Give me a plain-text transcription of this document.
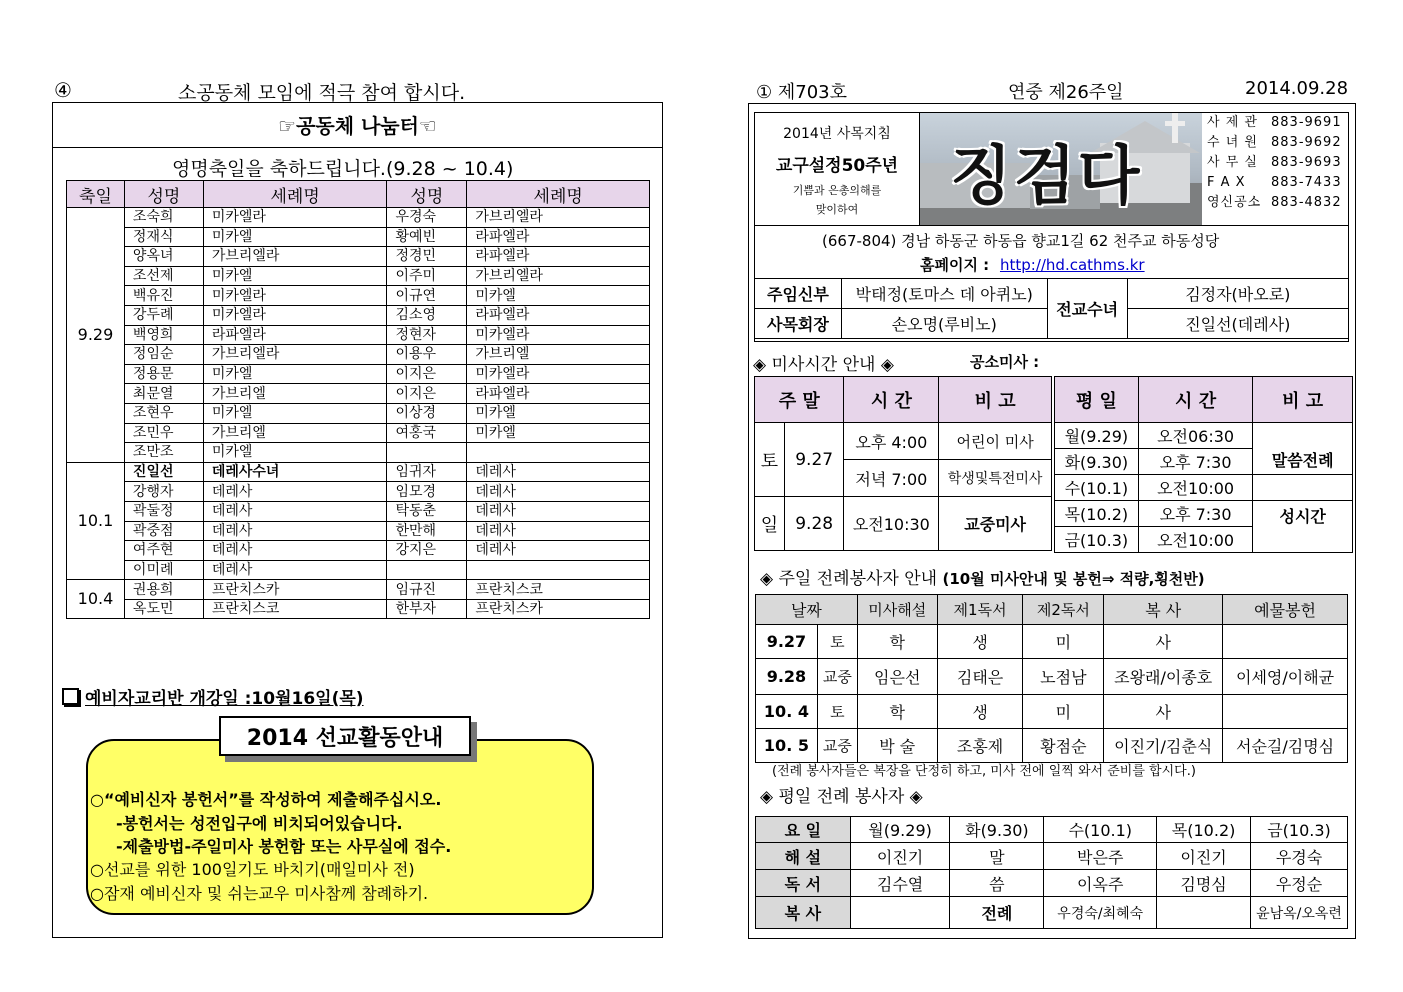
④	소공동체 모임에 적극 참여 합시다.
☞공동체 나눔터☜
영명축일을 축하드립니다.(9.28 ~ 10.4)
축일	성명	세례명	성명	세례명
9.29	조숙희	미카엘라	우경숙	가브리엘라
	정재식	미카엘	황예빈	라파엘라
	양옥녀	가브리엘라	정경민	라파엘라
	조선제	미카엘	이주미	가브리엘라
	백유진	미카엘라	이규연	미카엘
	강두례	미카엘라	김소영	라파엘라
	백영희	라파엘라	정현자	미카엘라
	정임순	가브리엘라	이용우	가브리엘
	정용문	미카엘	이지은	미카엘라
	최문열	가브리엘	이지은	라파엘라
	조현우	미카엘	이상경	미카엘
	조민우	가브리엘	여홍국	미카엘
	조만조	미카엘		
10.1	진일선	데레사수녀	임귀자	데레사
	강행자	데레사	임모경	데레사
	곽둘정	데레사	탁동춘	데레사
	곽중점	데레사	한만해	데레사
	여주현	데레사	강지은	데레사
	이미례	데레사		
10.4	권용희	프란치스카	임규진	프란치스코
	옥도민	프란치스코	한부자	프란치스카
예비자교리반 개강일 :10월16일(목)
2014 선교활동안내
○“예비신자 봉헌서”를 작성하여 제출해주십시오.
-봉헌서는 성전입구에 비치되어있습니다.
-제출방법-주일미사 봉헌함 또는 사무실에 접수.
○선교를 위한 100일기도 바치기(매일미사 전)
○잠재 예비신자 및 쉬는교우 미사참께 참례하기.
① 제703호	연중 제26주일	2014.09.28
2014년 사목지침
교구설정50주년
기쁨과 은총의해를
맞이하여	징검다
사 제 관 883-9691
수 녀 원 883-9692
사 무 실 883-9693
F A X 883-7433
영신공소 883-4832
(667-804) 경남 하동군 하동읍 향교1길 62 천주교 하동성당
홈페이지 : http://hd.cathms.kr
주임신부	박태정(토마스 데 아퀴노)	전교수녀	김정자(바오로)
사목회장	손오명(루비노)		진일선(데레사)
◈ 미사시간 안내 ◈	공소미사 :
주 말		시 간	비 고
토	9.27	오후 4:00	어린이 미사
		저녁 7:00	학생및특전미사
일	9.28	오전10:30	교중미사
평 일	시 간	비 고
월(9.29)	오전06:30	말씀전례
화(9.30)	오후 7:30	
수(10.1)	오전10:00	
목(10.2)	오후 7:30	성시간
금(10.3)	오전10:00	
◈ 주일 전례봉사자 안내 (10월 미사안내 및 봉헌⇒ 적량,횡천반)
날짜		미사해설	제1독서	제2독서	복 사	예물봉헌
9.27	토	학	생	미	사	
9.28	교중	임은선	김태은	노점남	조왕래/이종호	이세영/이해균
10. 4	토	학	생	미	사	
10. 5	교중	박 술	조홍제	황점순	이진기/김춘식	서순길/김명심
(전례 봉사자들은 복장을 단정히 하고, 미사 전에 일찍 와서 준비를 합시다.)
◈ 평일 전례 봉사자 ◈
요 일	월(9.29)	화(9.30)	수(10.1)	목(10.2)	금(10.3)
해 설	이진기	말	박은주	이진기	우경숙
독 서	김수열	씀	이옥주	김명심	우정순
복 사		전례	우경숙/최혜숙		윤남옥/오옥련
